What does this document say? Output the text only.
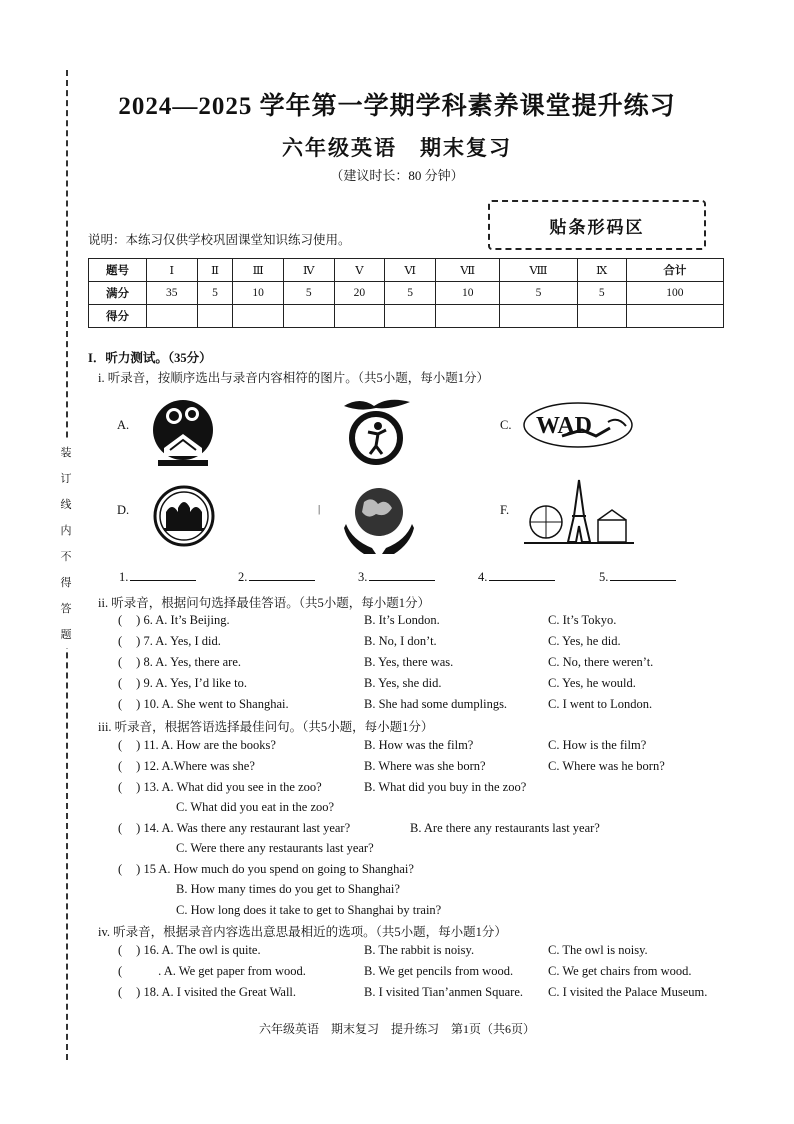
装
订
线
内
不
得
答
题
2024—2025 学年第一学期学科素养课堂提升练习
六年级英语　期末复习
（建议时长：80 分钟）
说明：本练习仅供学校巩固课堂知识练习使用。
贴条形码区
题号	Ⅰ	Ⅱ	Ⅲ	Ⅳ	Ⅴ	Ⅵ	Ⅶ	Ⅷ	Ⅸ	合计
满分	35	5	10	5	20	5	10	5	5	100
得分										
I．听力测试。（35分）
i. 听录音，按顺序选出与录音内容相符的图片。（共5小题，每小题1分）
A.	C. WAD
D.	|	F.
1.	2.	3.	4.	5.
ii. 听录音，根据问句选择最佳答语。（共5小题，每小题1分）
( ) 6. A. It’s Beijing.	B. It’s London.	C. It’s Tokyo.
( ) 7. A. Yes, I did.	B. No, I don’t.	C. Yes, he did.
( ) 8. A. Yes, there are.	B. Yes, there was.	C. No, there weren’t.
( ) 9. A. Yes, I’d like to.	B. Yes, she did.	C. Yes, he would.
( ) 10. A. She went to Shanghai.	B. She had some dumplings.	C. I went to London.
iii. 听录音，根据答语选择最佳问句。（共5小题，每小题1分）
( ) 11. A. How are the books?	B. How was the film?	C. How is the film?
( ) 12. A.Where was she?	B. Where was she born?	C. Where was he born?
( ) 13. A. What did you see in the zoo?	B. What did you buy in the zoo?
C. What did you eat in the zoo?
( ) 14. A. Was there any restaurant last year?	B. Are there any restaurants last year?
C. Were there any restaurants last year?
( ) 15 A. How much do you spend on going to Shanghai?
B. How many times do you get to Shanghai?
C. How long does it take to get to Shanghai by train?
iv. 听录音，根据录音内容选出意思最相近的选项。（共5小题，每小题1分）
( ) 16. A. The owl is quite.	B. The rabbit is noisy.	C. The owl is noisy.
(	. A. We get paper from wood.	B. We get pencils from wood.	C. We get chairs from wood.
( ) 18. A. I visited the Great Wall.	B. I visited Tian’anmen Square. C. I visited the Palace Museum.
六年级英语　期末复习　提升练习　第1页（共6页）
